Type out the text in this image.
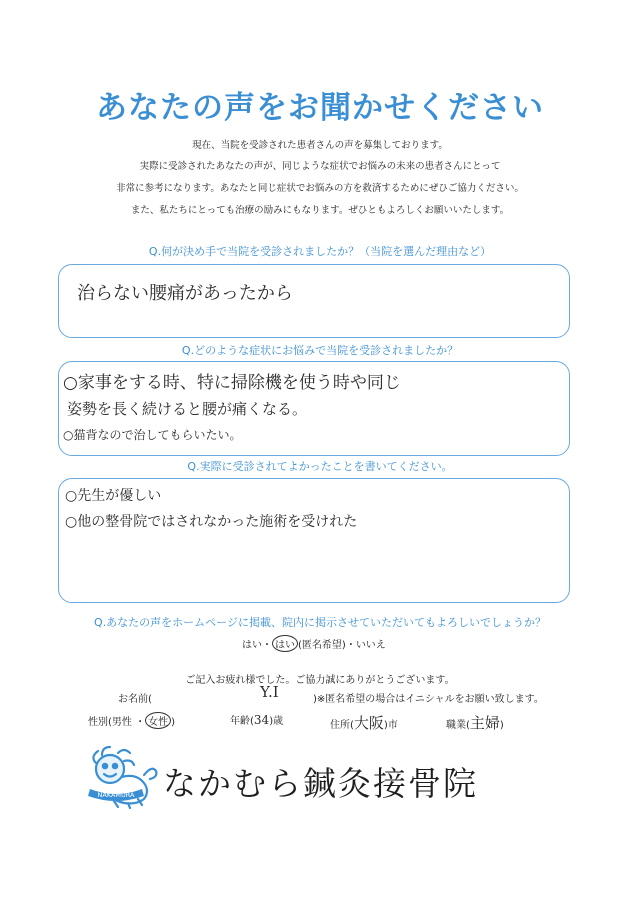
あなたの声をお聞かせください
現在、当院を受診された患者さんの声を募集しております。
実際に受診されたあなたの声が、同じような症状でお悩みの未来の患者さんにとって
非常に参考になります。あなたと同じ症状でお悩みの方を救済するためにぜひご協力ください。
また、私たちにとっても治療の励みにもなります。ぜひともよろしくお願いいたします。
Q.何が決め手で当院を受診されましたか？（当院を選んだ理由など）
治らない腰痛があったから
Q.どのような症状にお悩みで当院を受診されましたか？
○家事をする時、特に掃除機を使う時や同じ
姿勢を長く続けると腰が痛くなる。
○猫背なので治してもらいたい。
Q.実際に受診されてよかったことを書いてください。
○先生が優しい
○他の整骨院ではされなかった施術を受けれた
Q.あなたの声をホームページに掲載、院内に掲示させていただいてもよろしいでしょうか？
はい・ はい (匿名希望)・いいえ
ご記入お疲れ様でした。ご協力誠にありがとうございます。
お名前(	Y.I	)※匿名希望の場合はイニシャルをお願い致します。
性別(男性 ・ 女性 )	年齢(34)歳	住所(大阪)市	職業(主婦)
NAKAMURA なかむら鍼灸接骨院
